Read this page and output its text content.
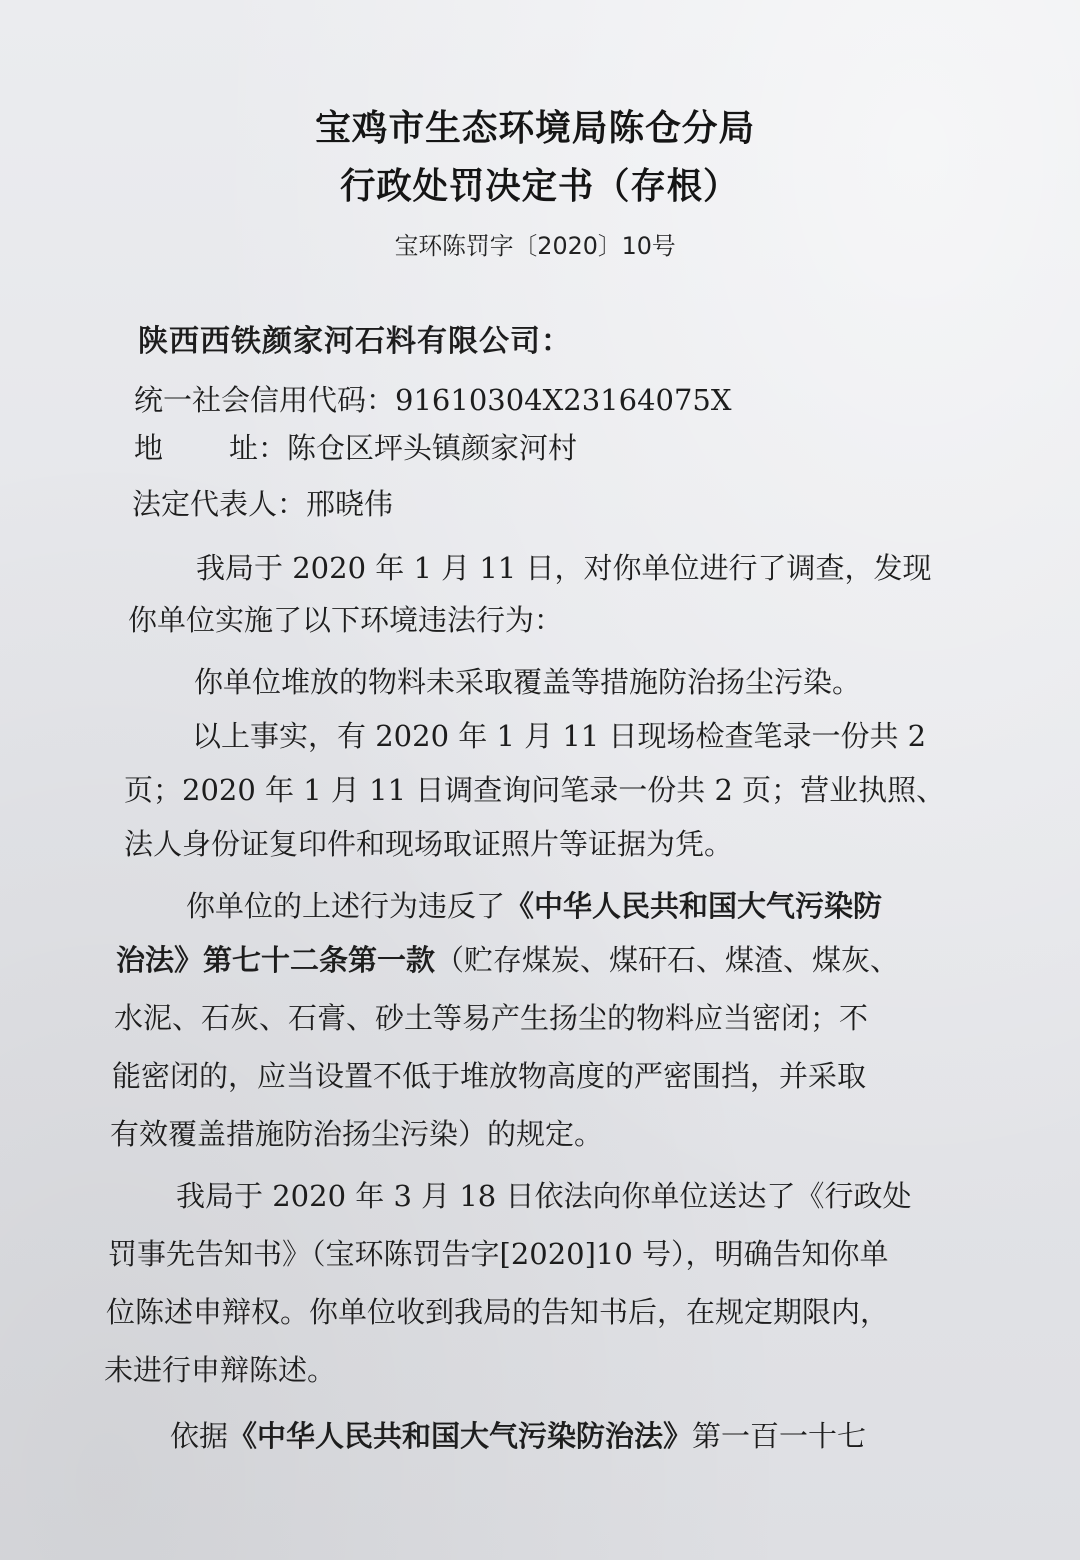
宝鸡市生态环境局陈仓分局
行政处罚决定书（存根）
宝环陈罚字〔2020〕10号
陕西西铁颜家河石料有限公司：
统一社会信用代码：91610304X23164075X
地 址：陈仓区坪头镇颜家河村
法定代表人：邢晓伟
我局于 2020 年 1 月 11 日，对你单位进行了调查，发现
你单位实施了以下环境违法行为：
你单位堆放的物料未采取覆盖等措施防治扬尘污染。
以上事实，有 2020 年 1 月 11 日现场检查笔录一份共 2
页；2020 年 1 月 11 日调查询问笔录一份共 2 页；营业执照、
法人身份证复印件和现场取证照片等证据为凭。
你单位的上述行为违反了《中华人民共和国大气污染防
治法》第七十二条第一款（贮存煤炭、煤矸石、煤渣、煤灰、
水泥、石灰、石膏、砂土等易产生扬尘的物料应当密闭；不
能密闭的，应当设置不低于堆放物高度的严密围挡，并采取
有效覆盖措施防治扬尘污染）的规定。
我局于 2020 年 3 月 18 日依法向你单位送达了《行政处
罚事先告知书》（宝环陈罚告字[2020]10 号），明确告知你单
位陈述申辩权。你单位收到我局的告知书后，在规定期限内，
未进行申辩陈述。
依据《中华人民共和国大气污染防治法》第一百一十七
